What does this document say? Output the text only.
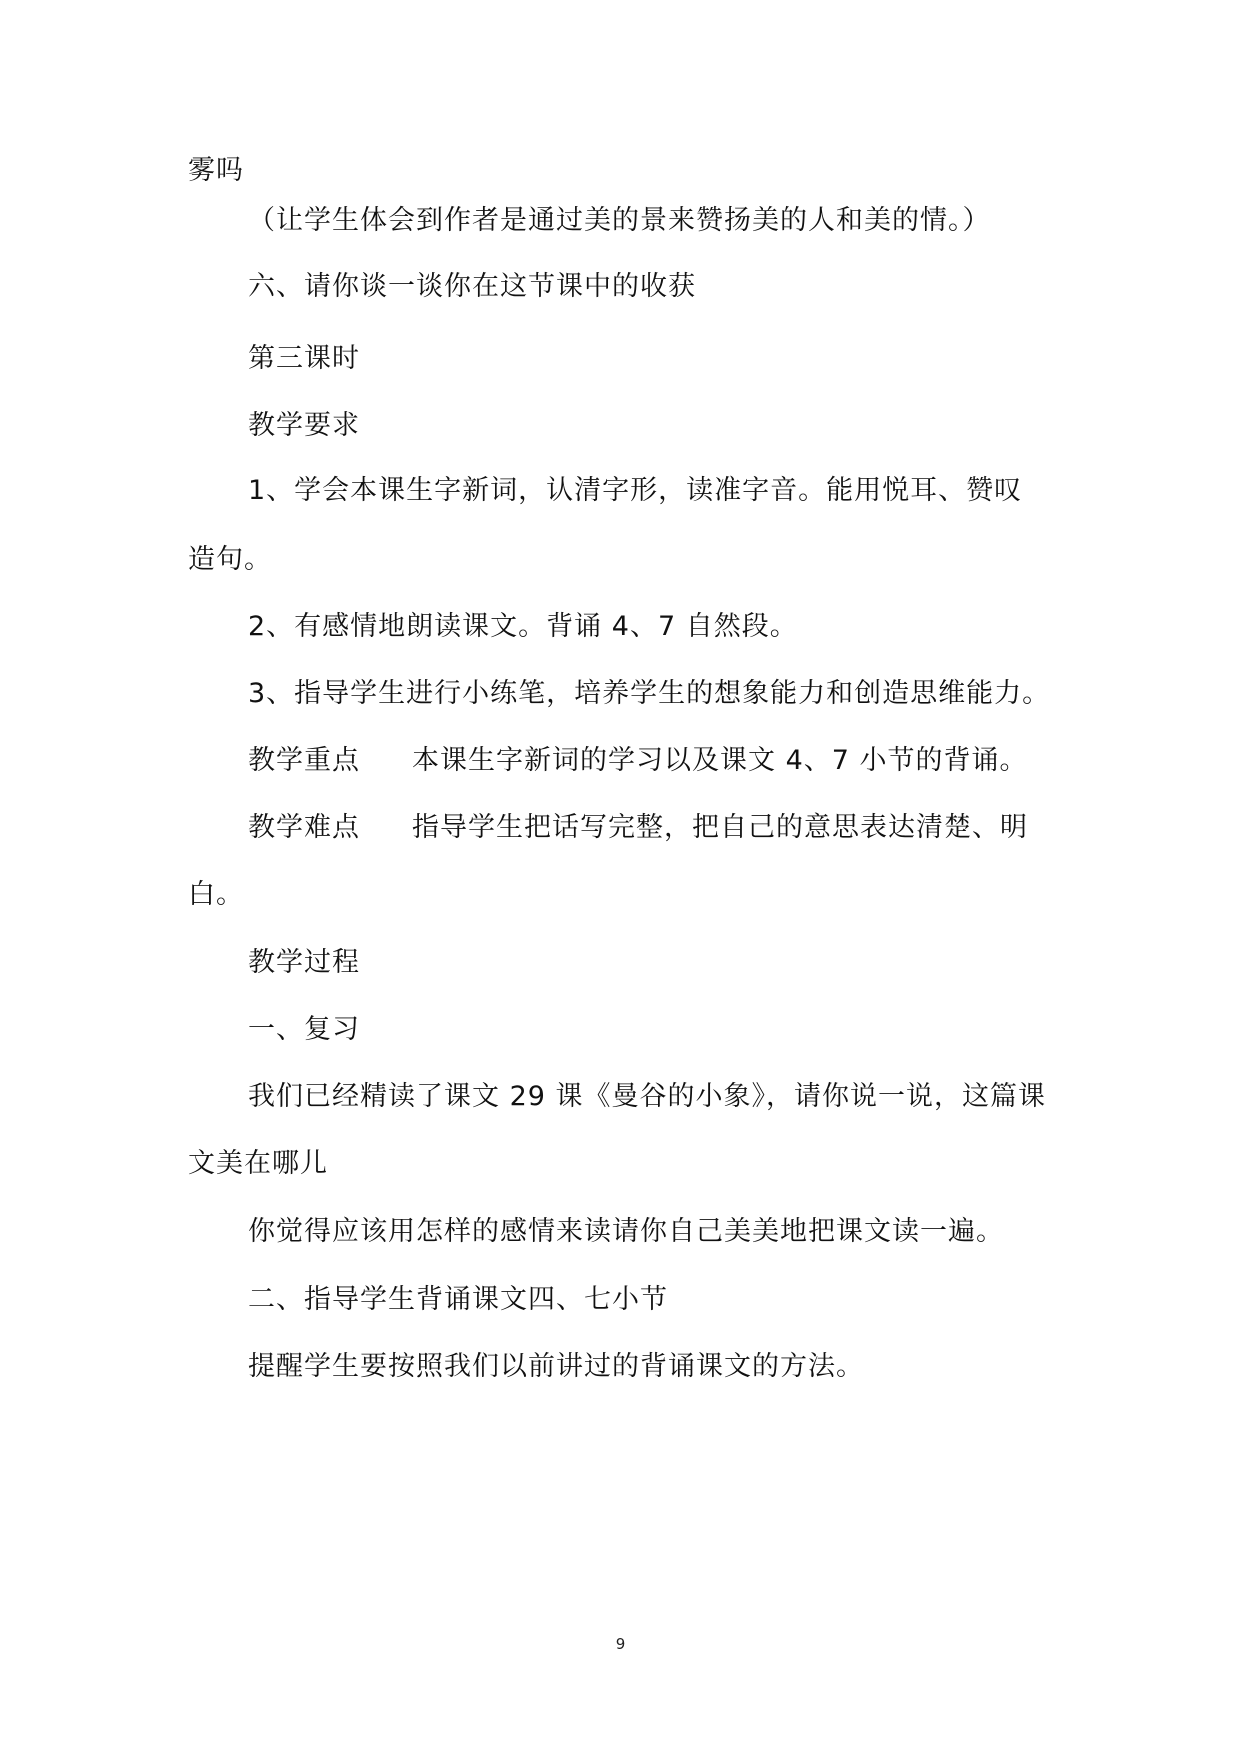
雾吗
（让学生体会到作者是通过美的景来赞扬美的人和美的情。）
六、请你谈一谈你在这节课中的收获
第三课时
教学要求
1、学会本课生字新词，认清字形，读准字音。能用悦耳、赞叹
造句。
2、有感情地朗读课文。背诵 4、7 自然段。
3、指导学生进行小练笔，培养学生的想象能力和创造思维能力。
教学重点 本课生字新词的学习以及课文 4、7 小节的背诵。
教学难点 指导学生把话写完整，把自己的意思表达清楚、明
白。
教学过程
一、复习
我们已经精读了课文 29 课《曼谷的小象》，请你说一说，这篇课
文美在哪儿
你觉得应该用怎样的感情来读请你自己美美地把课文读一遍。
二、指导学生背诵课文四、七小节
提醒学生要按照我们以前讲过的背诵课文的方法。
9
